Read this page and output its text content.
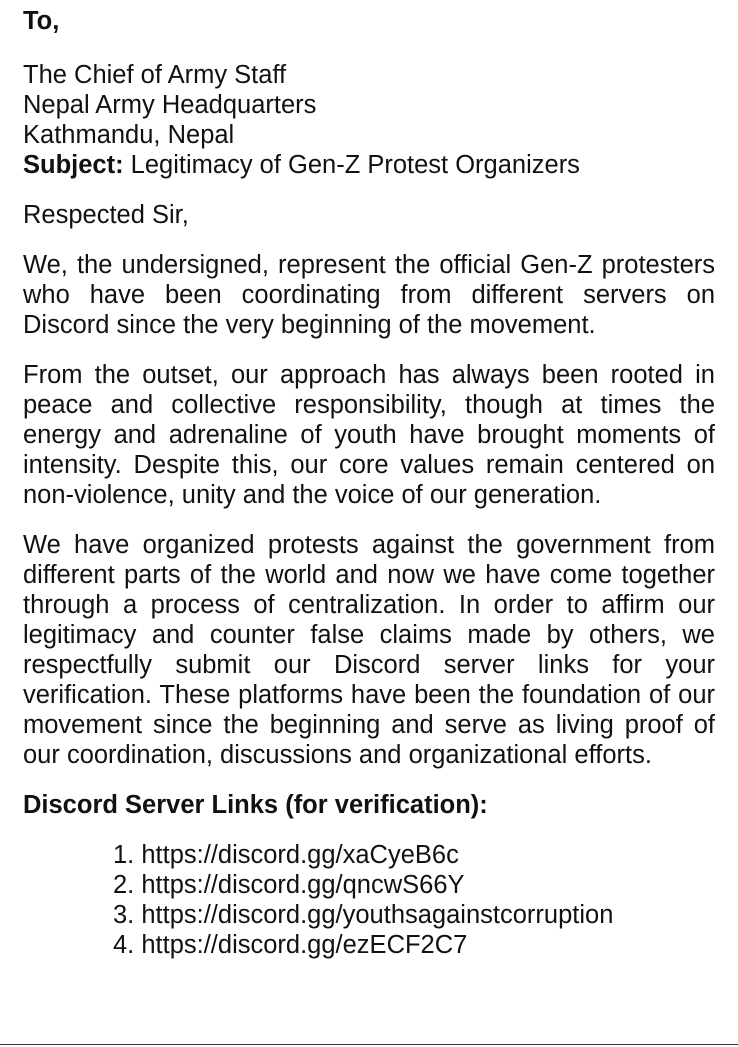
To,

The Chief of Army Staff

Nepal Army Headquarters

Kathmandu, Nepal

Subject: Legitimacy of Gen-Z Protest Organizers

Respected Sir,

We, the undersigned, represent the official Gen-Z protesters who have been coordinating from different servers on Discord since the very beginning of the movement.

From the outset, our approach has always been rooted in peace and collective responsibility, though at times the energy and adrenaline of youth have brought moments of intensity. Despite this, our core values remain centered on non-violence, unity and the voice of our generation.

We have organized protests against the government from different parts of the world and now we have come together through a process of centralization. In order to affirm our legitimacy and counter false claims made by others, we respectfully submit our Discord server links for your verification. These platforms have been the foundation of our movement since the beginning and serve as living proof of our coordination, discussions and organizational efforts.

Discord Server Links (for verification):

1. https://discord.gg/xaCyeB6c
2. https://discord.gg/qncwS66Y
3. https://discord.gg/youthsagainstcorruption
4. https://discord.gg/ezECF2C7
